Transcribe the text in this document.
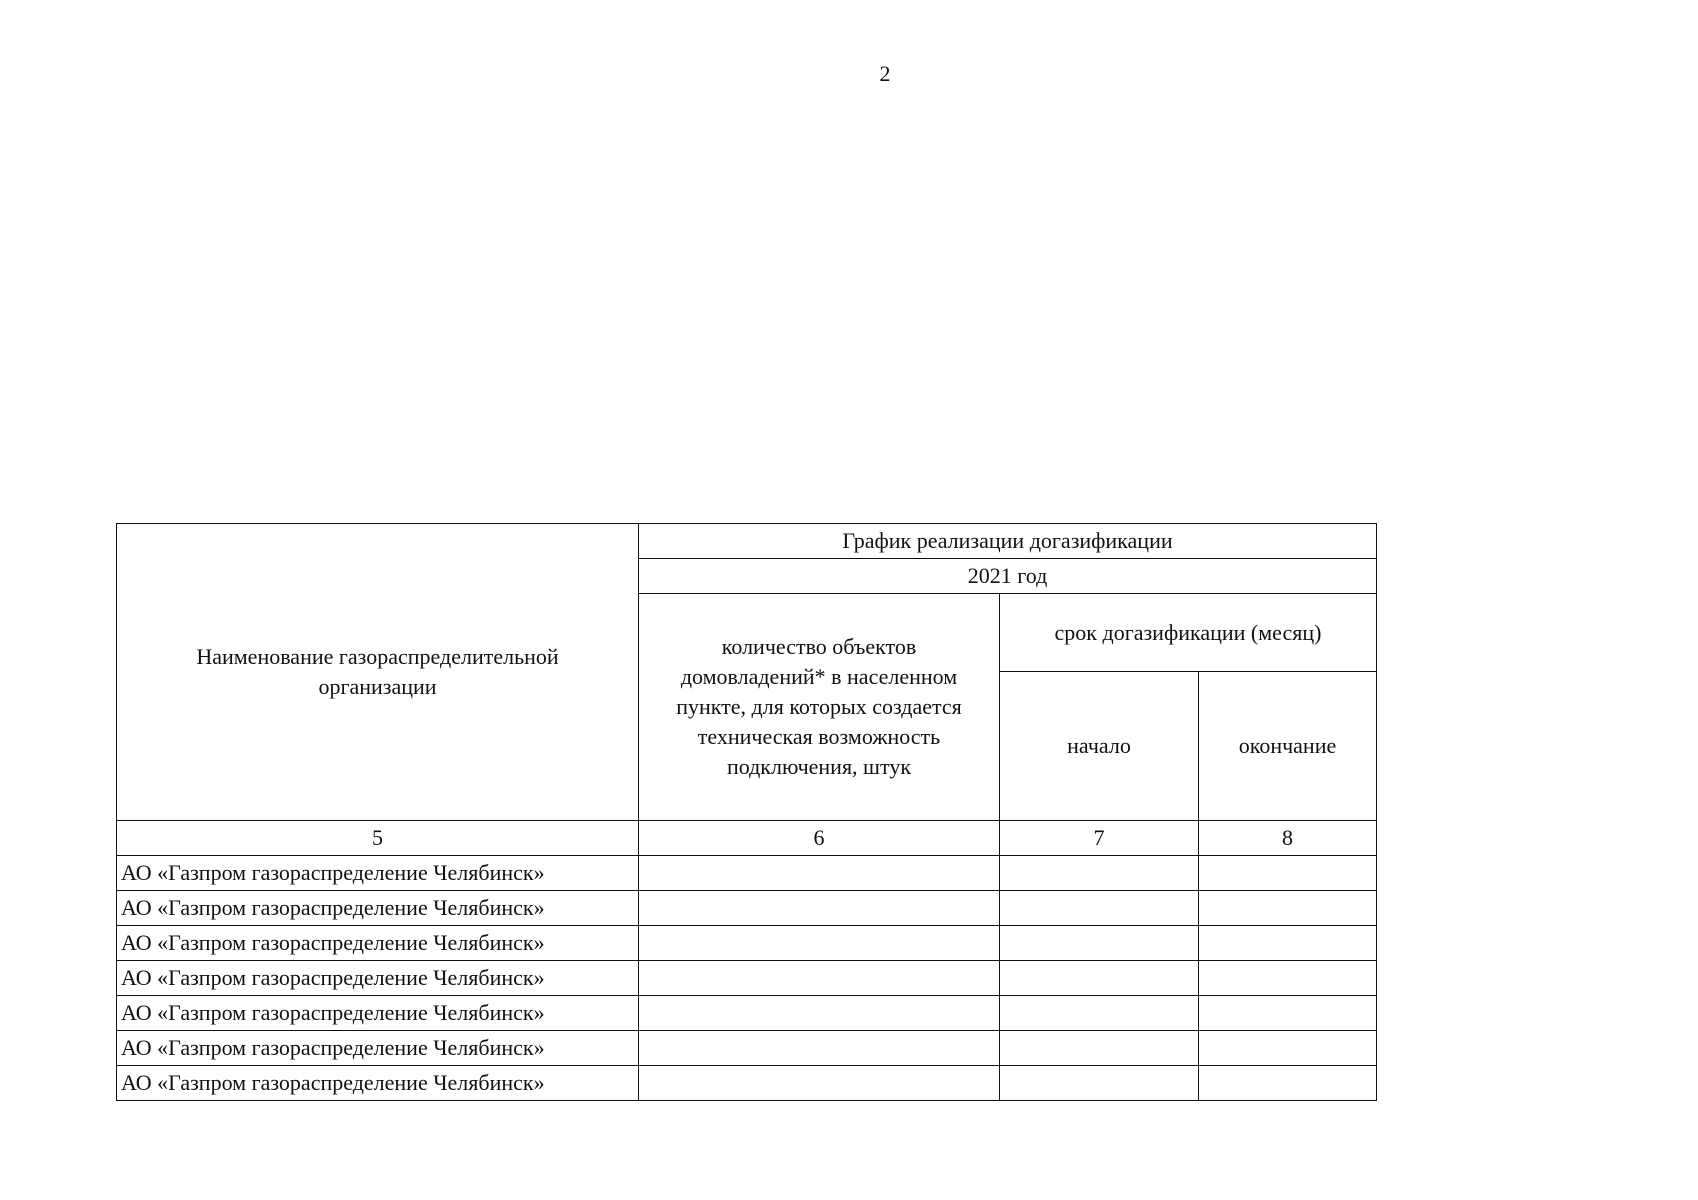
2
Наименование газораспределительной организации	График реализации догазификации		
	2021 год		
	количество объектов домовладений* в населенном пункте, для которых создается техническая возможность подключения, штук	срок догазификации (месяц)	
		начало	окончание
5	6	7	8
АО «Газпром газораспределение Челябинск»			
АО «Газпром газораспределение Челябинск»			
АО «Газпром газораспределение Челябинск»			
АО «Газпром газораспределение Челябинск»			
АО «Газпром газораспределение Челябинск»			
АО «Газпром газораспределение Челябинск»			
АО «Газпром газораспределение Челябинск»			
